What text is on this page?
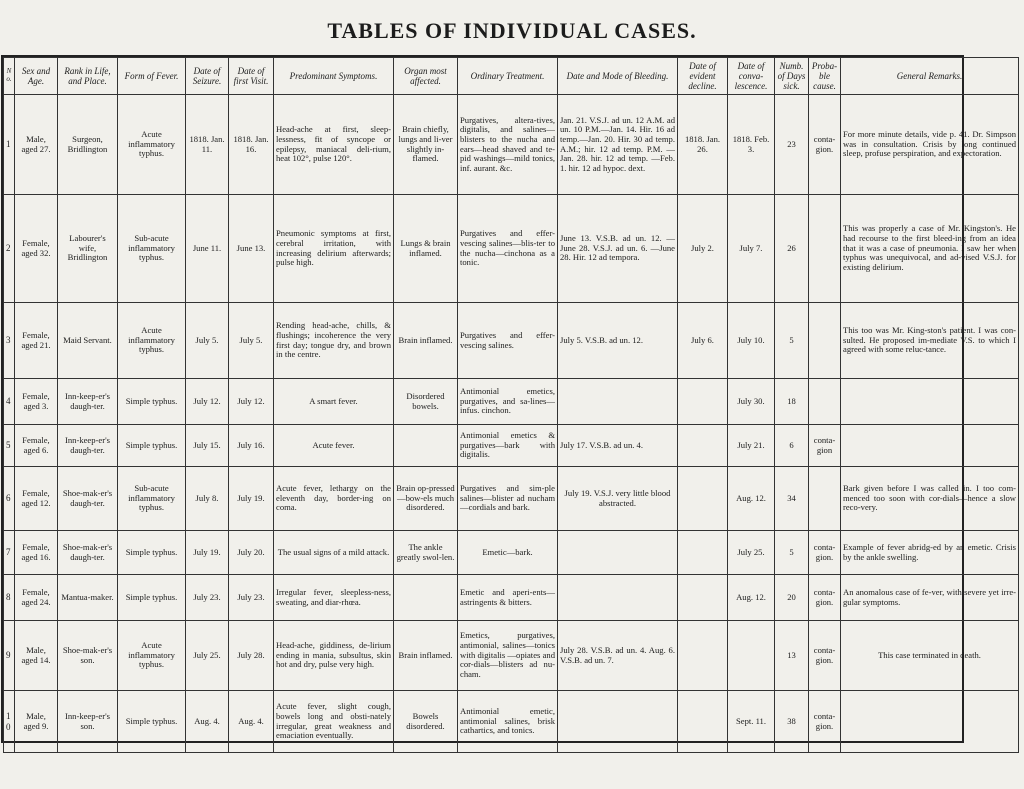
TABLES OF INDIVIDUAL CASES.
No.	Sex and Age.	Rank in Life, and Place.	Form of Fever.	Date of Seizure.	Date of first Visit.	Predominant Symptoms.	Organ most affected.	Ordinary Treatment.	Date and Mode of Bleeding.	Date of evident decline.	Date of conva-lescence.	Numb. of Days sick.	Proba-ble cause.	General Remarks.
1	Male, aged 27.	Surgeon, Bridlington	Acute inflammatory typhus.	1818. Jan. 11.	1818. Jan. 16.	Head-ache at first, sleep-lessness, fit of syncope or epilepsy, maniacal deli-rium, heat 102°, pulse 120°.	Brain chiefly, lungs and li-ver slightly in-flamed.	Purgatives, altera-tives, digitalis, and salines— blisters to the nucha and ears—head shaved and te-pid washings—mild tonics, inf. aurant. &c.	Jan. 21. V.S.J. ad un. 12 A.M. ad un. 10 P.M.—Jan. 14. Hir. 16 ad temp.—Jan. 20. Hir. 30 ad temp. A.M.; hir. 12 ad temp. P.M. —Jan. 28. hir. 12 ad temp. —Feb. 1. hir. 12 ad hypoc. dext.	1818. Jan. 26.	1818. Feb. 3.	23	conta-gion.	For more minute details, vide p. 41. Dr. Simpson was in consultation. Crisis by long continued sleep, profuse perspiration, and expectoration.
2	Female, aged 32.	Labourer's wife, Bridlington	Sub-acute inflammatory typhus.	June 11.	June 13.	Pneumonic symptoms at first, cerebral irritation, with increasing delirium afterwards; pulse high.	Lungs & brain inflamed.	Purgatives and effer-vescing salines—blis-ter to the nucha—cinchona as a tonic.	June 13. V.S.B. ad un. 12. —June 28. V.S.J. ad un. 6. —June 28. Hir. 12 ad tempora.	July 2.	July 7.	26		This was properly a case of Mr. Kingston's. He had recourse to the first bleed-ing from an idea that it was a case of pneumonia. I saw her when typhus was unequivocal, and ad-vised V.S.J. for existing delirium.
3	Female, aged 21.	Maid Servant.	Acute inflammatory typhus.	July 5.	July 5.	Rending head-ache, chills, & flushings; incoherence the very first day; tongue dry, and brown in the centre.	Brain inflamed.	Purgatives and effer-vescing salines.	July 5. V.S.B. ad un. 12.	July 6.	July 10.	5		This too was Mr. King-ston's patient. I was con-sulted. He proposed im-mediate V.S. to which I agreed with some reluc-tance.
4	Female, aged 3.	Inn-keep-er's daugh-ter.	Simple typhus.	July 12.	July 12.	A smart fever.	Disordered bowels.	Antimonial emetics, purgatives, and sa-lines—infus. cinchon.			July 30.	18		
5	Female, aged 6.	Inn-keep-er's daugh-ter.	Simple typhus.	July 15.	July 16.	Acute fever.		Antimonial emetics & purgatives—bark with digitalis.	July 17. V.S.B. ad un. 4.		July 21.	6	conta-gion	
6	Female, aged 12.	Shoe-mak-er's daugh-ter.	Sub-acute inflammatory typhus.	July 8.	July 19.	Acute fever, lethargy on the eleventh day, border-ing on coma.	Brain op-pressed—bow-els much disordered.	Purgatives and sim-ple salines—blister ad nucham—cordials and bark.	July 19. V.S.J. very little blood abstracted.		Aug. 12.	34		Bark given before I was called in. I too com-menced too soon with cor-dials—hence a slow reco-very.
7	Female, aged 16.	Shoe-mak-er's daugh-ter.	Simple typhus.	July 19.	July 20.	The usual signs of a mild attack.	The ankle greatly swol-len.	Emetic—bark.			July 25.	5	conta-gion.	Example of fever abridg-ed by an emetic. Crisis by the ankle swelling.
8	Female, aged 24.	Mantua-maker.	Simple typhus.	July 23.	July 23.	Irregular fever, sleepless-ness, sweating, and diar-rhœa.		Emetic and aperi-ents—astringents & bitters.			Aug. 12.	20	conta-gion.	An anomalous case of fe-ver, with severe yet irre-gular symptoms.
9	Male, aged 14.	Shoe-mak-er's son.	Acute inflammatory typhus.	July 25.	July 28.	Head-ache, giddiness, de-lirium ending in mania, subsultus, skin hot and dry, pulse very high.	Brain inflamed.	Emetics, purgatives, antimonial, salines—tonics with digitalis —opiates and cor-dials—blisters ad nu-cham.	July 28. V.S.B. ad un. 4. Aug. 6. V.S.B. ad un. 7.			13	conta-gion.	This case terminated in death.
10	Male, aged 9.	Inn-keep-er's son.	Simple typhus.	Aug. 4.	Aug. 4.	Acute fever, slight cough, bowels long and obsti-nately irregular, great weakness and emaciation eventually.	Bowels disordered.	Antimonial emetic, antimonial salines, brisk cathartics, and tonics.			Sept. 11.	38	conta-gion.	
